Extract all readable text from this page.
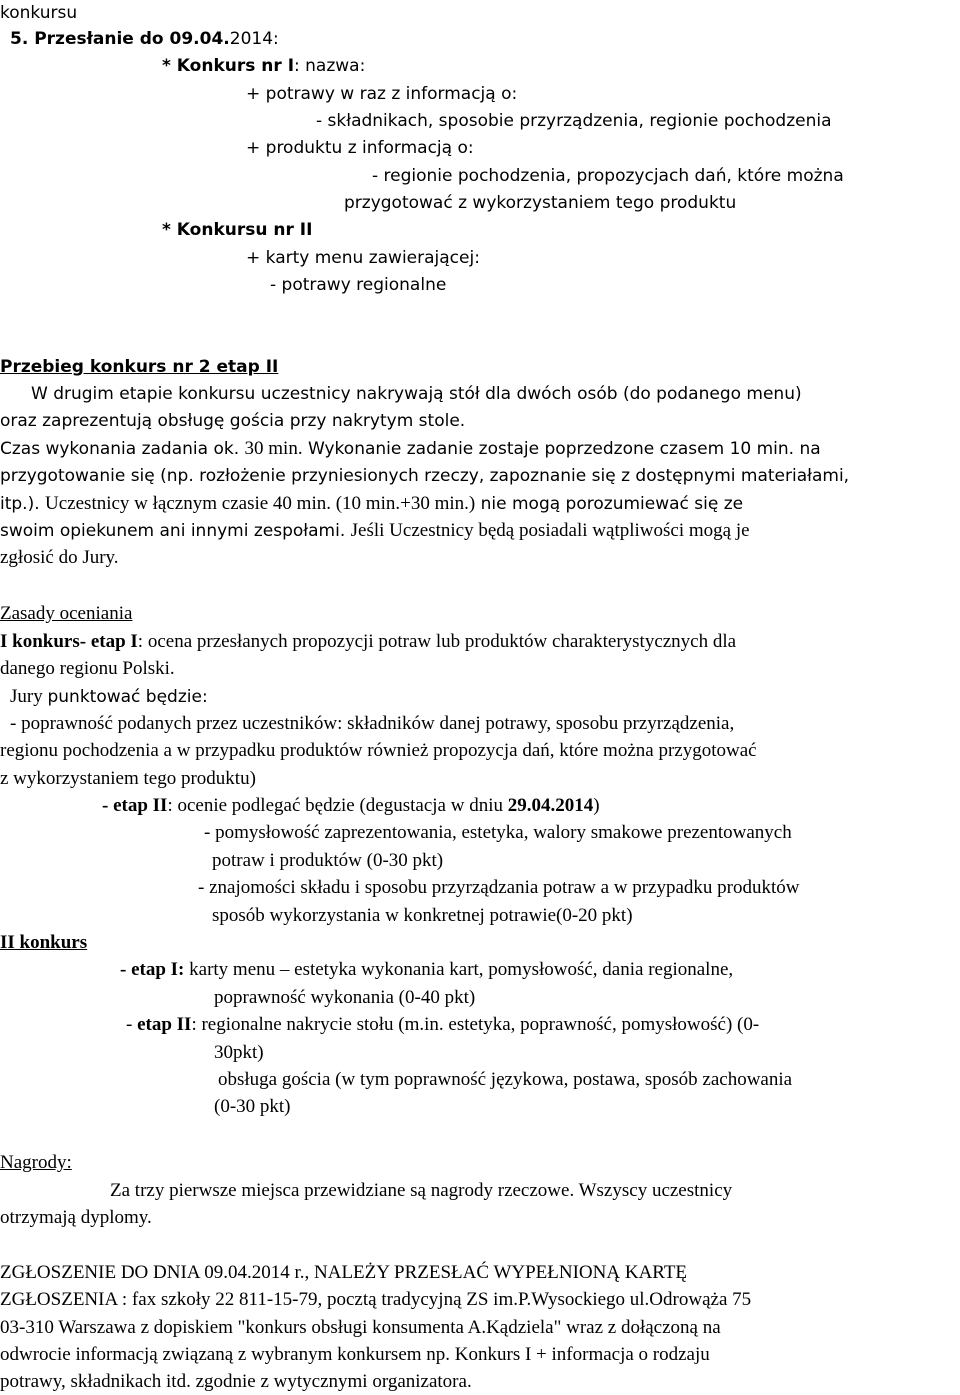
konkursu
5. Przesłanie do 09.04.2014:
* Konkurs nr I: nazwa:
+ potrawy w raz z informacją o:
- składnikach, sposobie przyrządzenia, regionie pochodzenia
+ produktu z informacją o:
- regionie pochodzenia, propozycjach dań, które można
przygotować z wykorzystaniem tego produktu
* Konkursu nr II
+ karty menu zawierającej:
- potrawy regionalne
Przebieg konkurs nr 2 etap II
W drugim etapie konkursu uczestnicy nakrywają stół dla dwóch osób (do podanego menu)
oraz zaprezentują obsługę gościa przy nakrytym stole.
Czas wykonania zadania ok. 30 min. Wykonanie zadanie zostaje poprzedzone czasem 10 min. na
przygotowanie się (np. rozłożenie przyniesionych rzeczy, zapoznanie się z dostępnymi materiałami,
itp.). Uczestnicy w łącznym czasie 40 min. (10 min.+30 min.) nie mogą porozumiewać się ze
swoim opiekunem ani innymi zespołami. Jeśli Uczestnicy będą posiadali wątpliwości mogą je
zgłosić do Jury.
Zasady oceniania
I konkurs- etap I: ocena przesłanych propozycji potraw lub produktów charakterystycznych dla
danego regionu Polski.
Jury punktować będzie:
- poprawność podanych przez uczestników: składników danej potrawy, sposobu przyrządzenia,
regionu pochodzenia a w przypadku produktów również propozycja dań, które można przygotować
z wykorzystaniem tego produktu)
- etap II: ocenie podlegać będzie (degustacja w dniu 29.04.2014)
- pomysłowość zaprezentowania, estetyka, walory smakowe prezentowanych
potraw i produktów (0-30 pkt)
- znajomości składu i sposobu przyrządzania potraw a w przypadku produktów
sposób wykorzystania w konkretnej potrawie(0-20 pkt)
II konkurs
- etap I: karty menu – estetyka wykonania kart, pomysłowość, dania regionalne,
poprawność wykonania (0-40 pkt)
- etap II: regionalne nakrycie stołu (m.in. estetyka, poprawność, pomysłowość) (0-
30pkt)
obsługa gościa (w tym poprawność językowa, postawa, sposób zachowania
(0-30 pkt)
Nagrody:
Za trzy pierwsze miejsca przewidziane są nagrody rzeczowe. Wszyscy uczestnicy
otrzymają dyplomy.
ZGŁOSZENIE DO DNIA 09.04.2014 r., NALEŻY PRZESŁAĆ WYPEŁNIONĄ KARTĘ
ZGŁOSZENIA : fax szkoły 22 811-15-79, pocztą tradycyjną ZS im.P.Wysockiego ul.Odrowąża 75
03-310 Warszawa z dopiskiem "konkurs obsługi konsumenta A.Kądziela" wraz z dołączoną na
odwrocie informacją związaną z wybranym konkursem np. Konkurs I + informacja o rodzaju
potrawy, składnikach itd. zgodnie z wytycznymi organizatora.
